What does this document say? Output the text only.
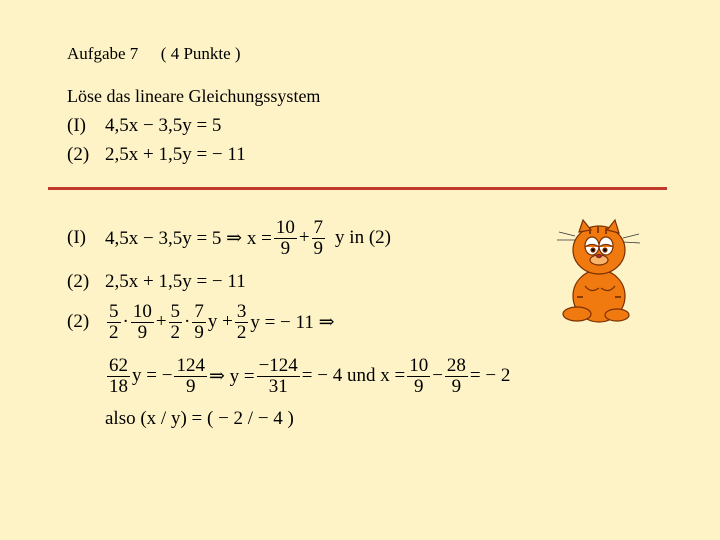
Aufgabe 7 ( 4 Punkte )
Löse das lineare Gleichungssystem
(I)	4,5x − 3,5y = 5
(2) 2,5x + 1,5y = − 11
(I)	4,5x − 3,5y = 5 ⇒ $x = \frac{10}{9} + \frac{7}{9}$ y in (2)
(2) 2,5x + 1,5y = − 11
$(2) \frac{5}{2} \cdot \frac{10}{9} + \frac{5}{2} \cdot \frac{7}{9}$ $y + \frac{3}{2}$ y = − 11 ⇒
$\frac{62}{18}$ y = − $\frac{124}{9}$ ⇒ $y = \frac{-124}{31}$ = − 4 und $x = \frac{10}{9} - \frac{28}{9}$ = − 2
also (x / y) = ( − 2 / − 4 )
